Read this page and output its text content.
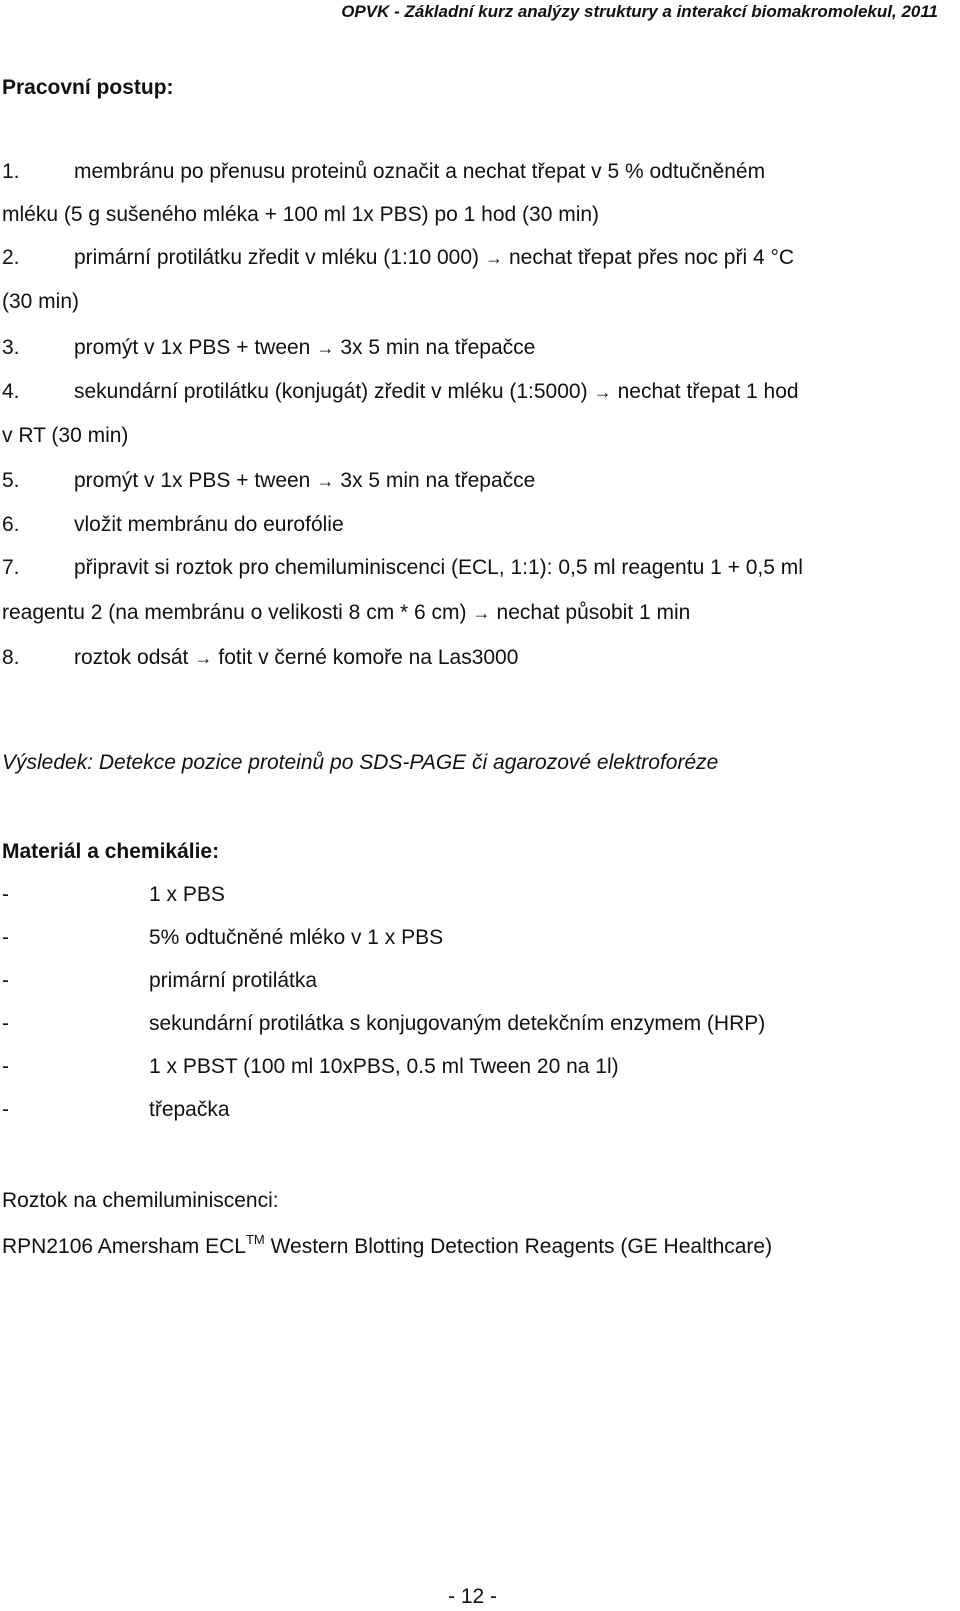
OPVK - Základní kurz analýzy struktury a interakcí biomakromolekul, 2011
Pracovní postup:
1.	membránu po přenusu proteinů označit a nechat třepat v 5 % odtučněném
mléku (5 g sušeného mléka + 100 ml 1x PBS) po 1 hod (30 min)
2.	primární protilátku zředit v mléku (1:10 000) → nechat třepat přes noc při 4 °C
(30 min)
3.	promýt v 1x PBS + tween → 3x 5 min na třepačce
4.	sekundární protilátku (konjugát) zředit v mléku (1:5000) → nechat třepat 1 hod
v RT (30 min)
5.	promýt v 1x PBS + tween → 3x 5 min na třepačce
6.	vložit membránu do eurofólie
7.	připravit si roztok pro chemiluminiscenci (ECL, 1:1): 0,5 ml reagentu 1 + 0,5 ml
reagentu 2 (na membránu o velikosti 8 cm * 6 cm) → nechat působit 1 min
8.	roztok odsát → fotit v černé komoře na Las3000
Výsledek: Detekce pozice proteinů po SDS-PAGE či agarozové elektroforéze
Materiál a chemikálie:
-	1 x PBS
-	5% odtučněné mléko v 1 x PBS
-	primární protilátka
-	sekundární protilátka s konjugovaným detekčním enzymem (HRP)
-	1 x PBST (100 ml 10xPBS, 0.5 ml Tween 20 na 1l)
-	třepačka
Roztok na chemiluminiscenci:
RPN2106 Amersham ECL™ Western Blotting Detection Reagents (GE Healthcare)
- 12 -
